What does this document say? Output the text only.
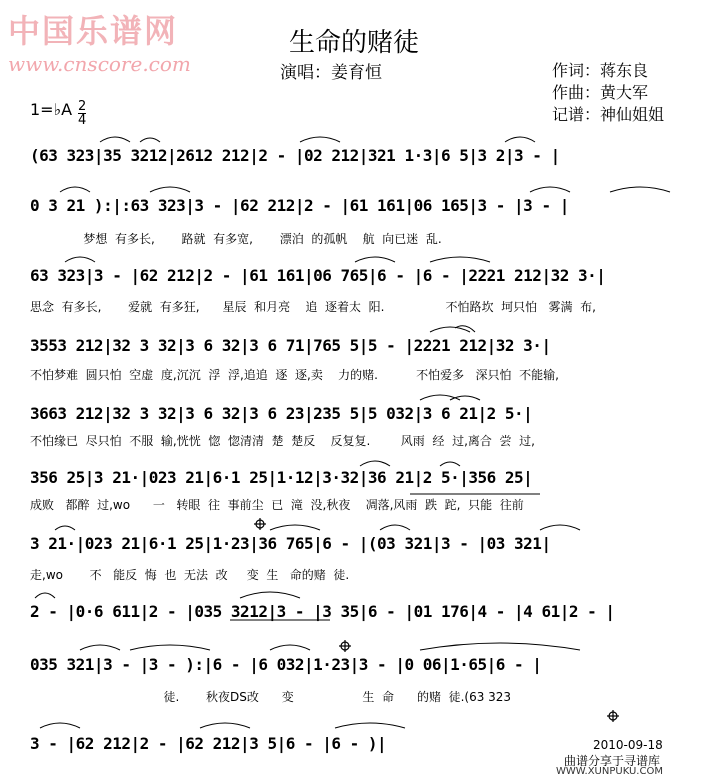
中国乐谱网
www.cnscore.com
生命的赌徒
演唱：姜育恒	作词：蒋东良
作曲：黄大军
记谱：神仙姐姐
1=♭A $\frac{2}{4}$
(63 323|35 3212|2612 212|2 - |02 212|321 1·3|6 5|3 2|3 - |
0 3 21 ):|:63 323|3 - |62 212|2 - |61 161|06 165|3 - |3 - |
梦想  有多长,       路就  有多宽,       漂泊  的孤帆    航  向已迷  乱.
63 323|3 - |62 212|2 - |61 161|06 765|6 - |6 - |2221 212|32 3·|
思念  有多长,       爱就  有多狂,      星辰  和月亮    追  逐着太  阳.                不怕路坎  坷只怕   雾满  布,
3553 212|32 3 32|3 6 32|3 6 71|765 5|5 - |2221 212|32 3·|
不怕梦难  圆只怕  空虚  度,沉沉  浮  浮,追追  逐  逐,卖    力的赌.          不怕爱多   深只怕  不能输,
3663 212|32 3 32|3 6 32|3 6 23|235 5|5 032|3 6 21|2 5·|
不怕缘已  尽只怕  不服  输,恍恍  惚  惚清清  楚  楚反    反复复.        风雨  经  过,离合  尝  过,
356 25|3 21·|023 21|6·1 25|1·12|3·32|36 21|2 5·|356 25|
成败   都醉  过,wo      一   转眼  往  事前尘  已  滝  没,秋夜    凋落,风雨  跌  跎,  只能  往前
3 21·|023 21|6·1 25|1·23|36 765|6 - |(03 321|3 - |03 321|
走,wo       不   能反  悔  也  无法  改     变  生   命的赌  徒.
2 - |0·6 611|2 - |035 3212|3 - |3 35|6 - |01 176|4 - |4 61|2 - |
035 321|3 - |3 - ):|6 - |6 032|1·23|3 - |0 06|1·65|6 - |
徒.       秋夜DS改      变                  生  命      的赌  徒.(63 323
3 - |62 212|2 - |62 212|3 5|6 - |6 - )|	2010-09-18
曲谱分享于寻谱库
WWW.XUNPUKU.COM
